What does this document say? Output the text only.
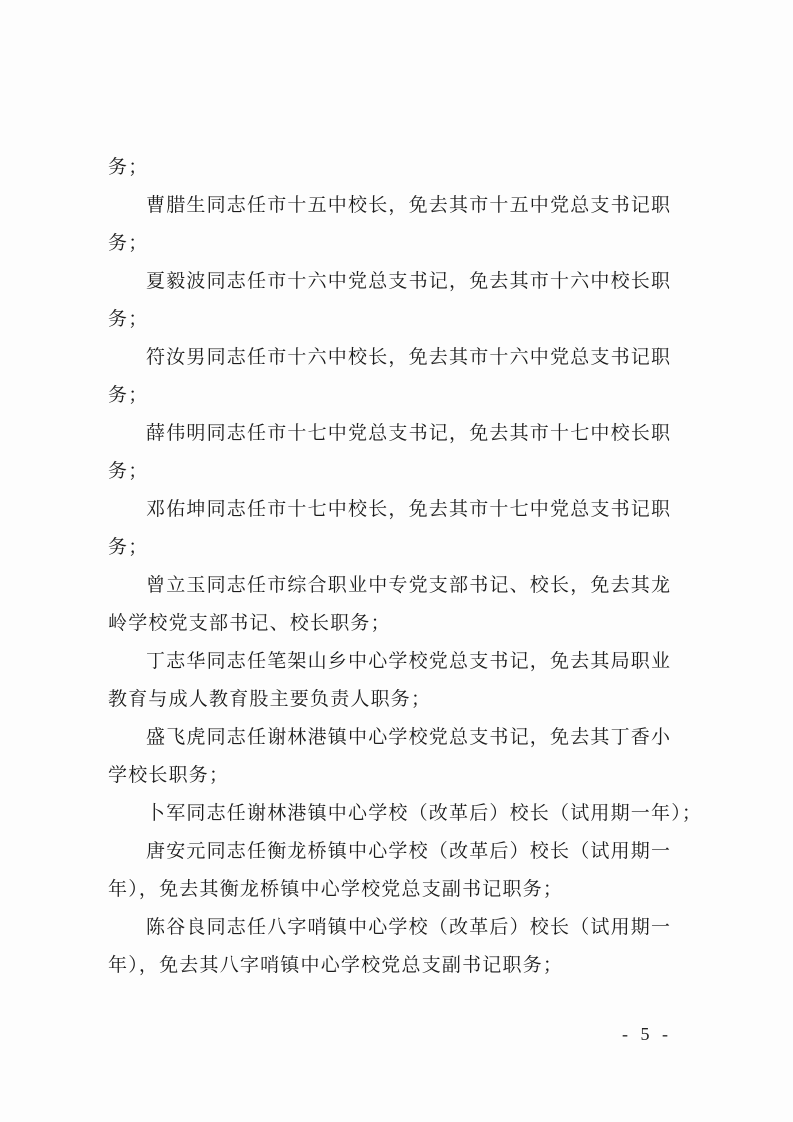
务；
曹腊生同志任市十五中校长，免去其市十五中党总支书记职
务；
夏毅波同志任市十六中党总支书记，免去其市十六中校长职
务；
符汝男同志任市十六中校长，免去其市十六中党总支书记职
务；
薛伟明同志任市十七中党总支书记，免去其市十七中校长职
务；
邓佑坤同志任市十七中校长，免去其市十七中党总支书记职
务；
曾立玉同志任市综合职业中专党支部书记、校长，免去其龙
岭学校党支部书记、校长职务；
丁志华同志任笔架山乡中心学校党总支书记，免去其局职业
教育与成人教育股主要负责人职务；
盛飞虎同志任谢林港镇中心学校党总支书记，免去其丁香小
学校长职务；
卜军同志任谢林港镇中心学校（改革后）校长（试用期一年）；
唐安元同志任衡龙桥镇中心学校（改革后）校长（试用期一
年），免去其衡龙桥镇中心学校党总支副书记职务；
陈谷良同志任八字哨镇中心学校（改革后）校长（试用期一
年），免去其八字哨镇中心学校党总支副书记职务；
- 5 -
